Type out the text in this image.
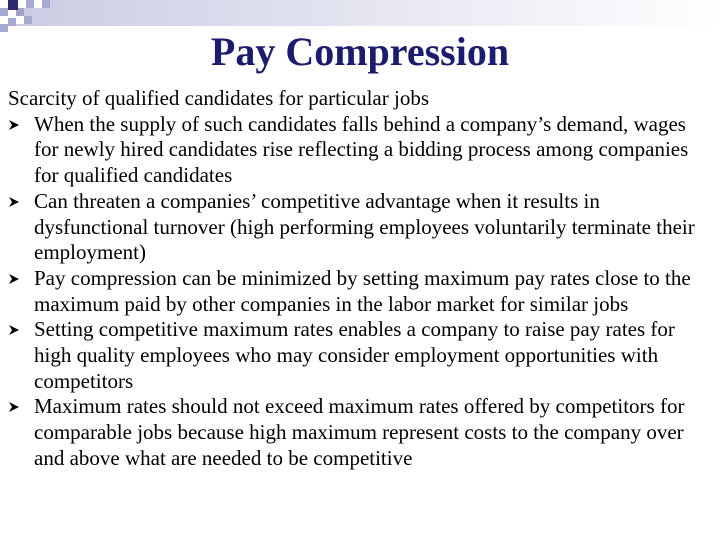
Pay Compression

Scarcity of qualified candidates for particular jobs

When the supply of such candidates falls behind a company’s demand, wages for newly hired candidates rise reflecting a bidding process among companies for qualified candidates
Can threaten a companies’ competitive advantage when it results in dysfunctional turnover (high performing employees voluntarily terminate their employment)
Pay compression can be minimized by setting maximum pay rates close to the maximum paid by other companies in the labor market for similar jobs
Setting competitive maximum rates enables a company to raise pay rates for high quality employees who may consider employment opportunities with competitors
Maximum rates should not exceed maximum rates offered by competitors for comparable jobs because high maximum represent costs to the company over and above what are needed to be competitive
